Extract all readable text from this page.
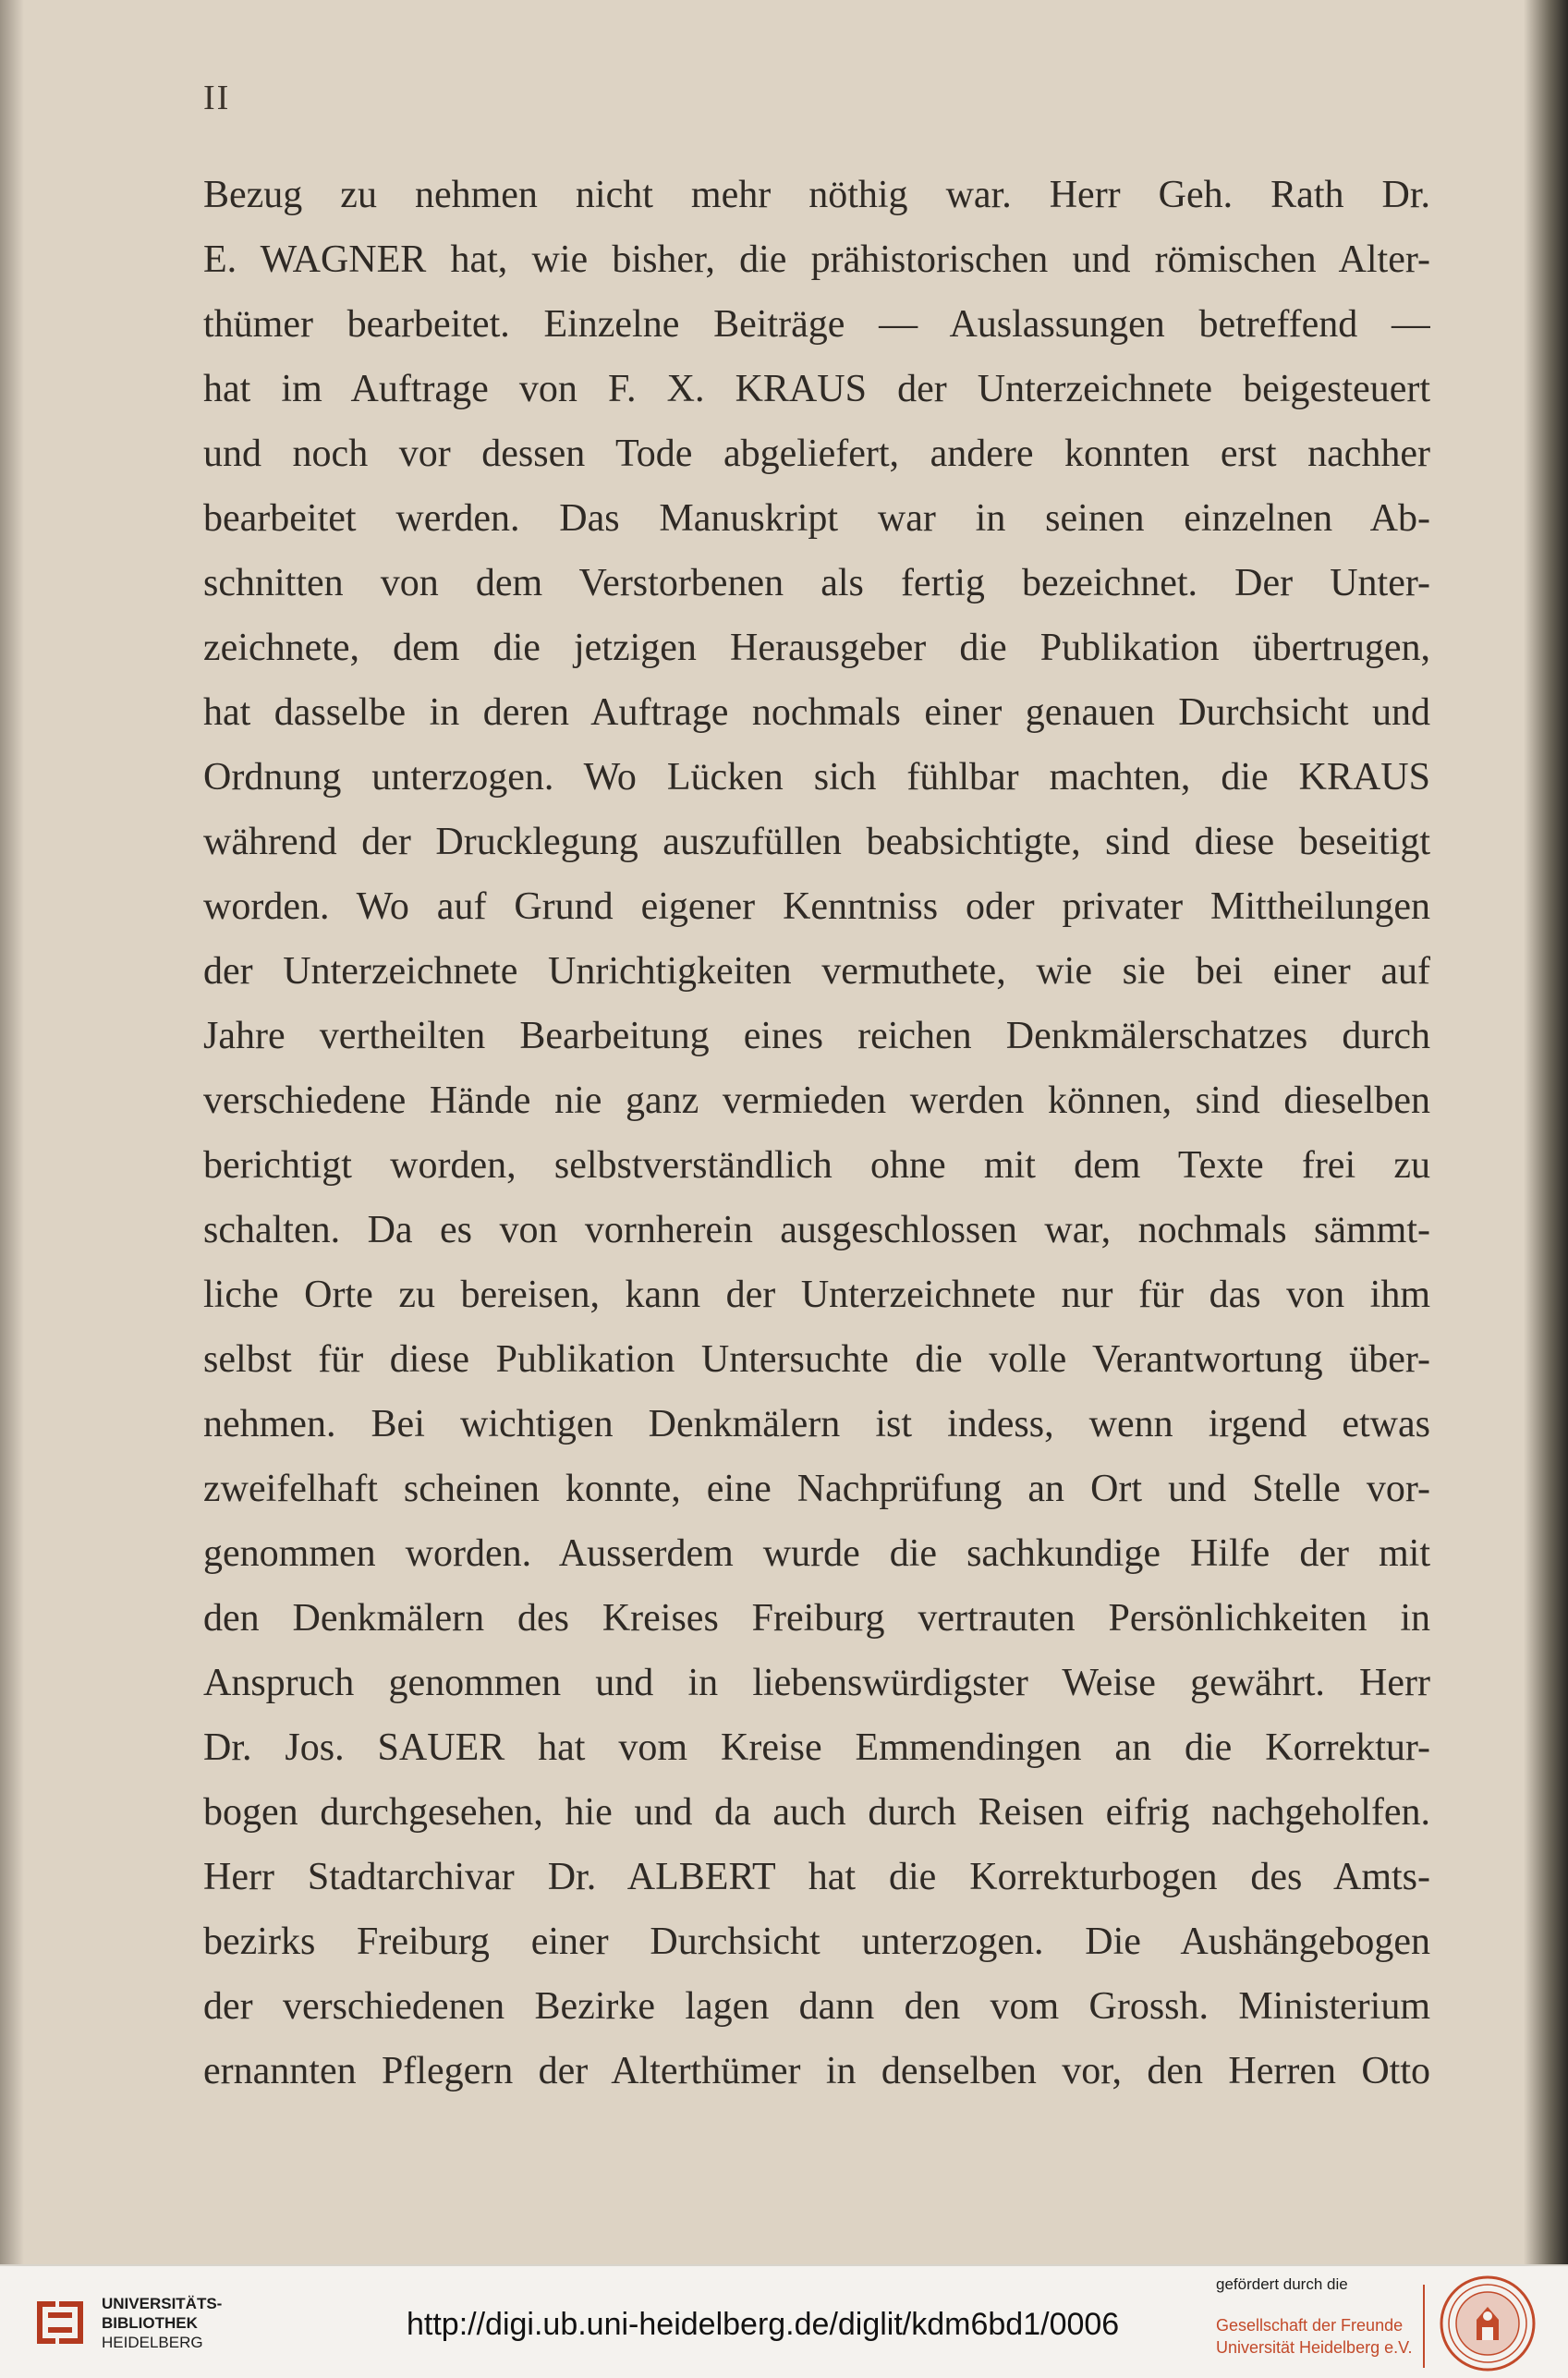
II
Bezug zu nehmen nicht mehr nöthig war. Herr Geh. Rath Dr.
E. WAGNER hat, wie bisher, die prähistorischen und römischen Alter-
thümer bearbeitet. Einzelne Beiträge — Auslassungen betreffend —
hat im Auftrage von F. X. KRAUS der Unterzeichnete beigesteuert
und noch vor dessen Tode abgeliefert, andere konnten erst nachher
bearbeitet werden. Das Manuskript war in seinen einzelnen Ab-
schnitten von dem Verstorbenen als fertig bezeichnet. Der Unter-
zeichnete, dem die jetzigen Herausgeber die Publikation übertrugen,
hat dasselbe in deren Auftrage nochmals einer genauen Durchsicht und
Ordnung unterzogen. Wo Lücken sich fühlbar machten, die KRAUS
während der Drucklegung auszufüllen beabsichtigte, sind diese beseitigt
worden. Wo auf Grund eigener Kenntniss oder privater Mittheilungen
der Unterzeichnete Unrichtigkeiten vermuthete, wie sie bei einer auf
Jahre vertheilten Bearbeitung eines reichen Denkmälerschatzes durch
verschiedene Hände nie ganz vermieden werden können, sind dieselben
berichtigt worden, selbstverständlich ohne mit dem Texte frei zu
schalten. Da es von vornherein ausgeschlossen war, nochmals sämmt-
liche Orte zu bereisen, kann der Unterzeichnete nur für das von ihm
selbst für diese Publikation Untersuchte die volle Verantwortung über-
nehmen. Bei wichtigen Denkmälern ist indess, wenn irgend etwas
zweifelhaft scheinen konnte, eine Nachprüfung an Ort und Stelle vor-
genommen worden. Ausserdem wurde die sachkundige Hilfe der mit
den Denkmälern des Kreises Freiburg vertrauten Persönlichkeiten in
Anspruch genommen und in liebenswürdigster Weise gewährt. Herr
Dr. Jos. SAUER hat vom Kreise Emmendingen an die Korrektur-
bogen durchgesehen, hie und da auch durch Reisen eifrig nachgeholfen.
Herr Stadtarchivar Dr. ALBERT hat die Korrekturbogen des Amts-
bezirks Freiburg einer Durchsicht unterzogen. Die Aushängebogen
der verschiedenen Bezirke lagen dann den vom Grossh. Ministerium
ernannten Pflegern der Alterthümer in denselben vor, den Herren Otto
UNIVERSITÄTS-
BIBLIOTHEK
HEIDELBERG
http://digi.ub.uni-heidelberg.de/diglit/kdm6bd1/0006
gefördert durch die
Gesellschaft der Freunde
Universität Heidelberg e.V.
